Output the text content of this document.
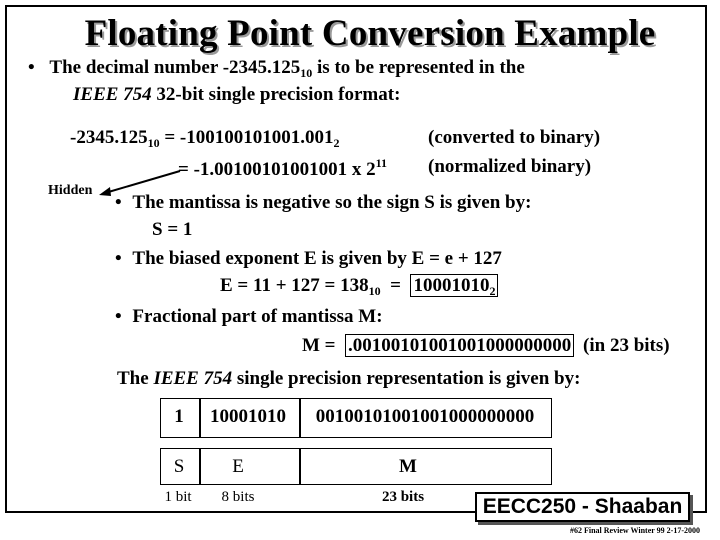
Floating Point Conversion Example
• The decimal number $-2345.125_{10}$ is to be represented in the
IEEE 754 32-bit single precision format:
$-2345.125_{10} = -100100101001.001_2$	(converted to binary)
= -1.00100101001001 x $2^{11}$ (normalized binary)
Hidden
• The mantissa is negative so the sign S is given by:
S = 1
• The biased exponent E is given by E = e + 127
$E = 11 + 127 = 138_{10} = 10001010_2$
• Fractional part of mantissa M:
M =  .00100101001001000000000 (in 23 bits)
The IEEE 754 single precision representation is given by:
1	10001010	00100101001001000000000
S	E	M
1 bit	8 bits	23 bits	EECC250 - Shaaban
#62 Final Review Winter 99 2-17-2000
